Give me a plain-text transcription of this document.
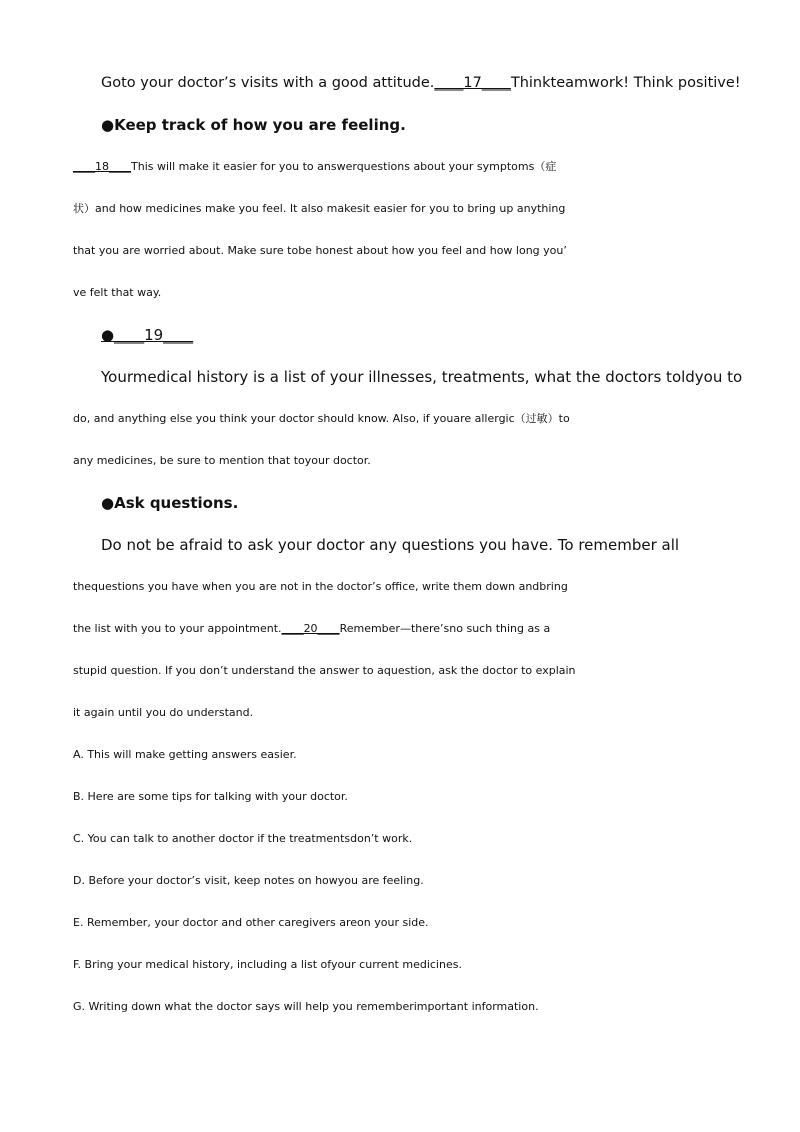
Goto your doctor’s visits with a good attitude.____17____Thinkteamwork! Think positive!
●Keep track of how you are feeling.
____18____This will make it easier for you to answerquestions about your symptoms（症
状）and how medicines make you feel. It also makesit easier for you to bring up anything
that you are worried about. Make sure tobe honest about how you feel and how long you’
ve felt that way.
●____19____
Yourmedical history is a list of your illnesses, treatments, what the doctors toldyou to
do, and anything else you think your doctor should know. Also, if youare allergic（过敏）to
any medicines, be sure to mention that toyour doctor.
●Ask questions.
Do not be afraid to ask your doctor any questions you have. To remember all
thequestions you have when you are not in the doctor’s office, write them down andbring
the list with you to your appointment.____20____Remember—there’sno such thing as a
stupid question. If you don’t understand the answer to aquestion, ask the doctor to explain
it again until you do understand.
A. This will make getting answers easier.
B. Here are some tips for talking with your doctor.
C. You can talk to another doctor if the treatmentsdon’t work.
D. Before your doctor’s visit, keep notes on howyou are feeling.
E. Remember, your doctor and other caregivers areon your side.
F. Bring your medical history, including a list ofyour current medicines.
G. Writing down what the doctor says will help you rememberimportant information.
